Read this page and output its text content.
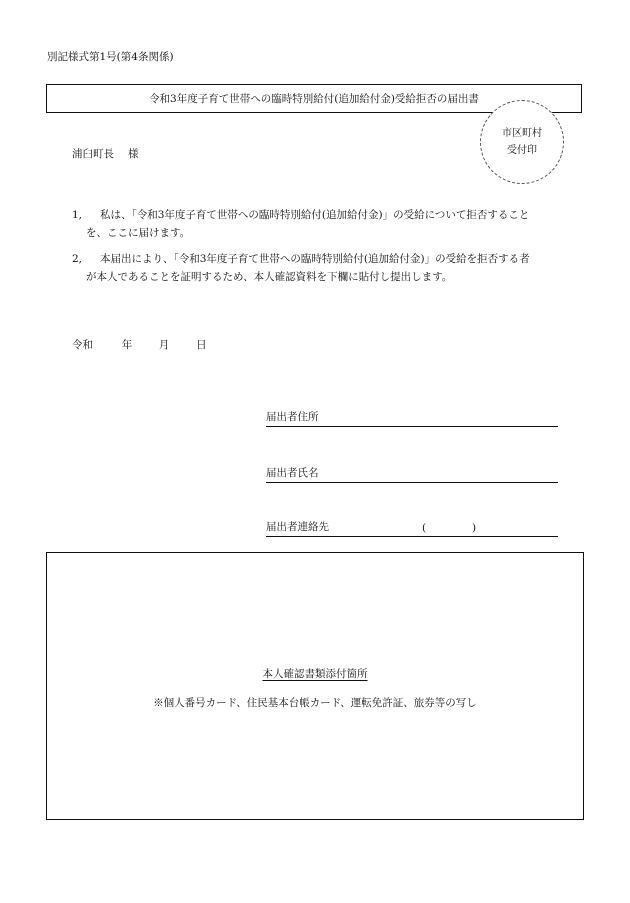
別記様式第1号(第4条関係)
令和3年度子育て世帯への臨時特別給付(追加給付金)受給拒否の届出書
市区町村
受付印
浦臼町長 様
1, 私は、「令和3年度子育て世帯への臨時特別給付(追加給付金)」の受給について拒否すること
を、ここに届けます。
2, 本届出により、「令和3年度子育て世帯への臨時特別給付(追加給付金)」の受給を拒否する者
が本人であることを証明するため、本人確認資料を下欄に貼付し提出します。
令和	年	月	日
届出者住所
届出者氏名
届出者連絡先	(	)
本人確認書類添付箇所
※個人番号カード、住民基本台帳カード、運転免許証、旅券等の写し
